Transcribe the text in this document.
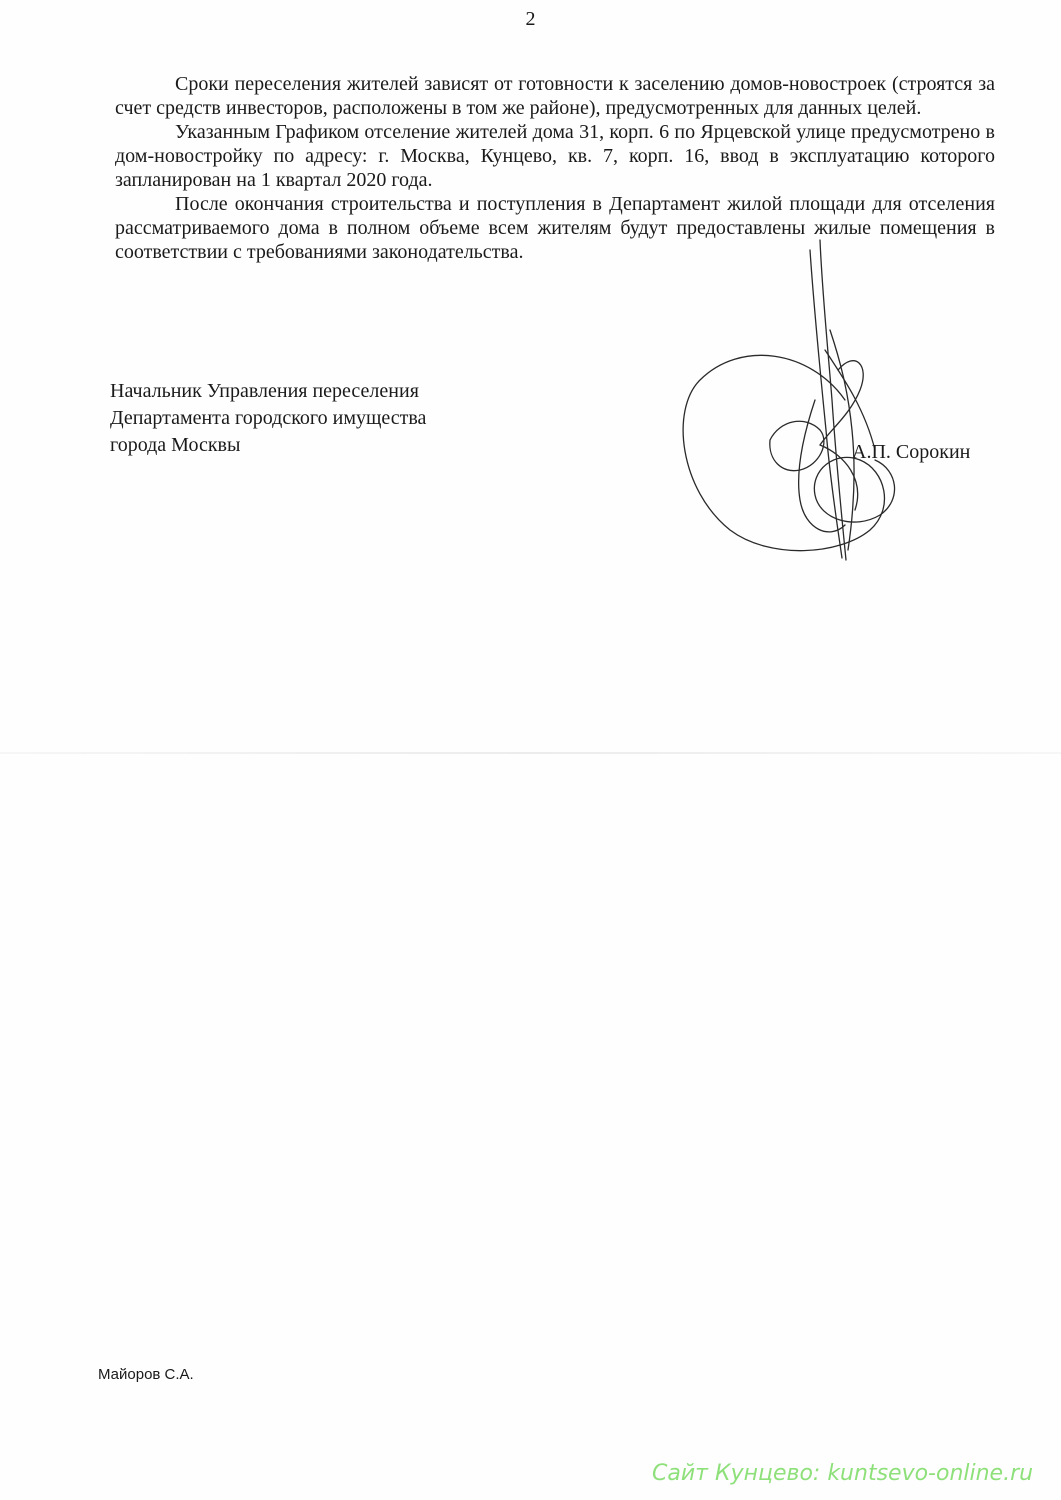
2

Сроки переселения жителей зависят от готовности к заселению домов-новостроек (строятся за счет средств инвесторов, расположены в том же районе), предусмотренных для данных целей.

Указанным Графиком отселение жителей дома 31, корп. 6 по Ярцевской улице предусмотрено в дом-новостройку по адресу: г. Москва, Кунцево, кв. 7, корп. 16, ввод в эксплуатацию которого запланирован на 1 квартал 2020 года.

После окончания строительства и поступления в Департамент жилой площади для отселения рассматриваемого дома в полном объеме всем жителям будут предоставлены жилые помещения в соответствии с требованиями законодательства.

Начальник Управления переселения
Департамента городского имущества
города Москвы	А.П. Сорокин
Майоров С.А.
Сайт Кунцево: kuntsevo-online.ru
